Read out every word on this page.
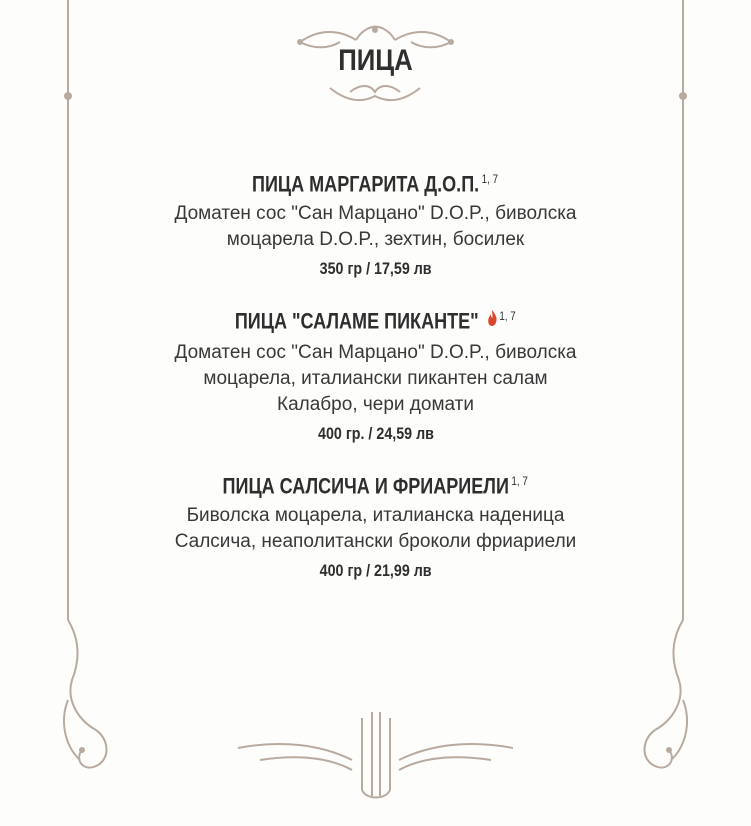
ПИЦА
ПИЦА МАРГАРИТА Д.О.П. $^{1, 7}$
Доматен сос "Сан Марцано" D.O.P., биволска
моцарела D.O.P., зехтин, босилек
350 гр / 17,59 лв
ПИЦА "САЛАМЕ ПИКАНТЕ" $^{1, 7}$
Доматен сос "Сан Марцано" D.O.P., биволска
моцарела, италиански пикантен салам
Калабро, чери домати
400 гр. / 24,59 лв
ПИЦА САЛСИЧА И ФРИАРИЕЛИ $^{1, 7}$
Биволска моцарела, италианска наденица
Салсича, неаполитански броколи фриариели
400 гр / 21,99 лв
